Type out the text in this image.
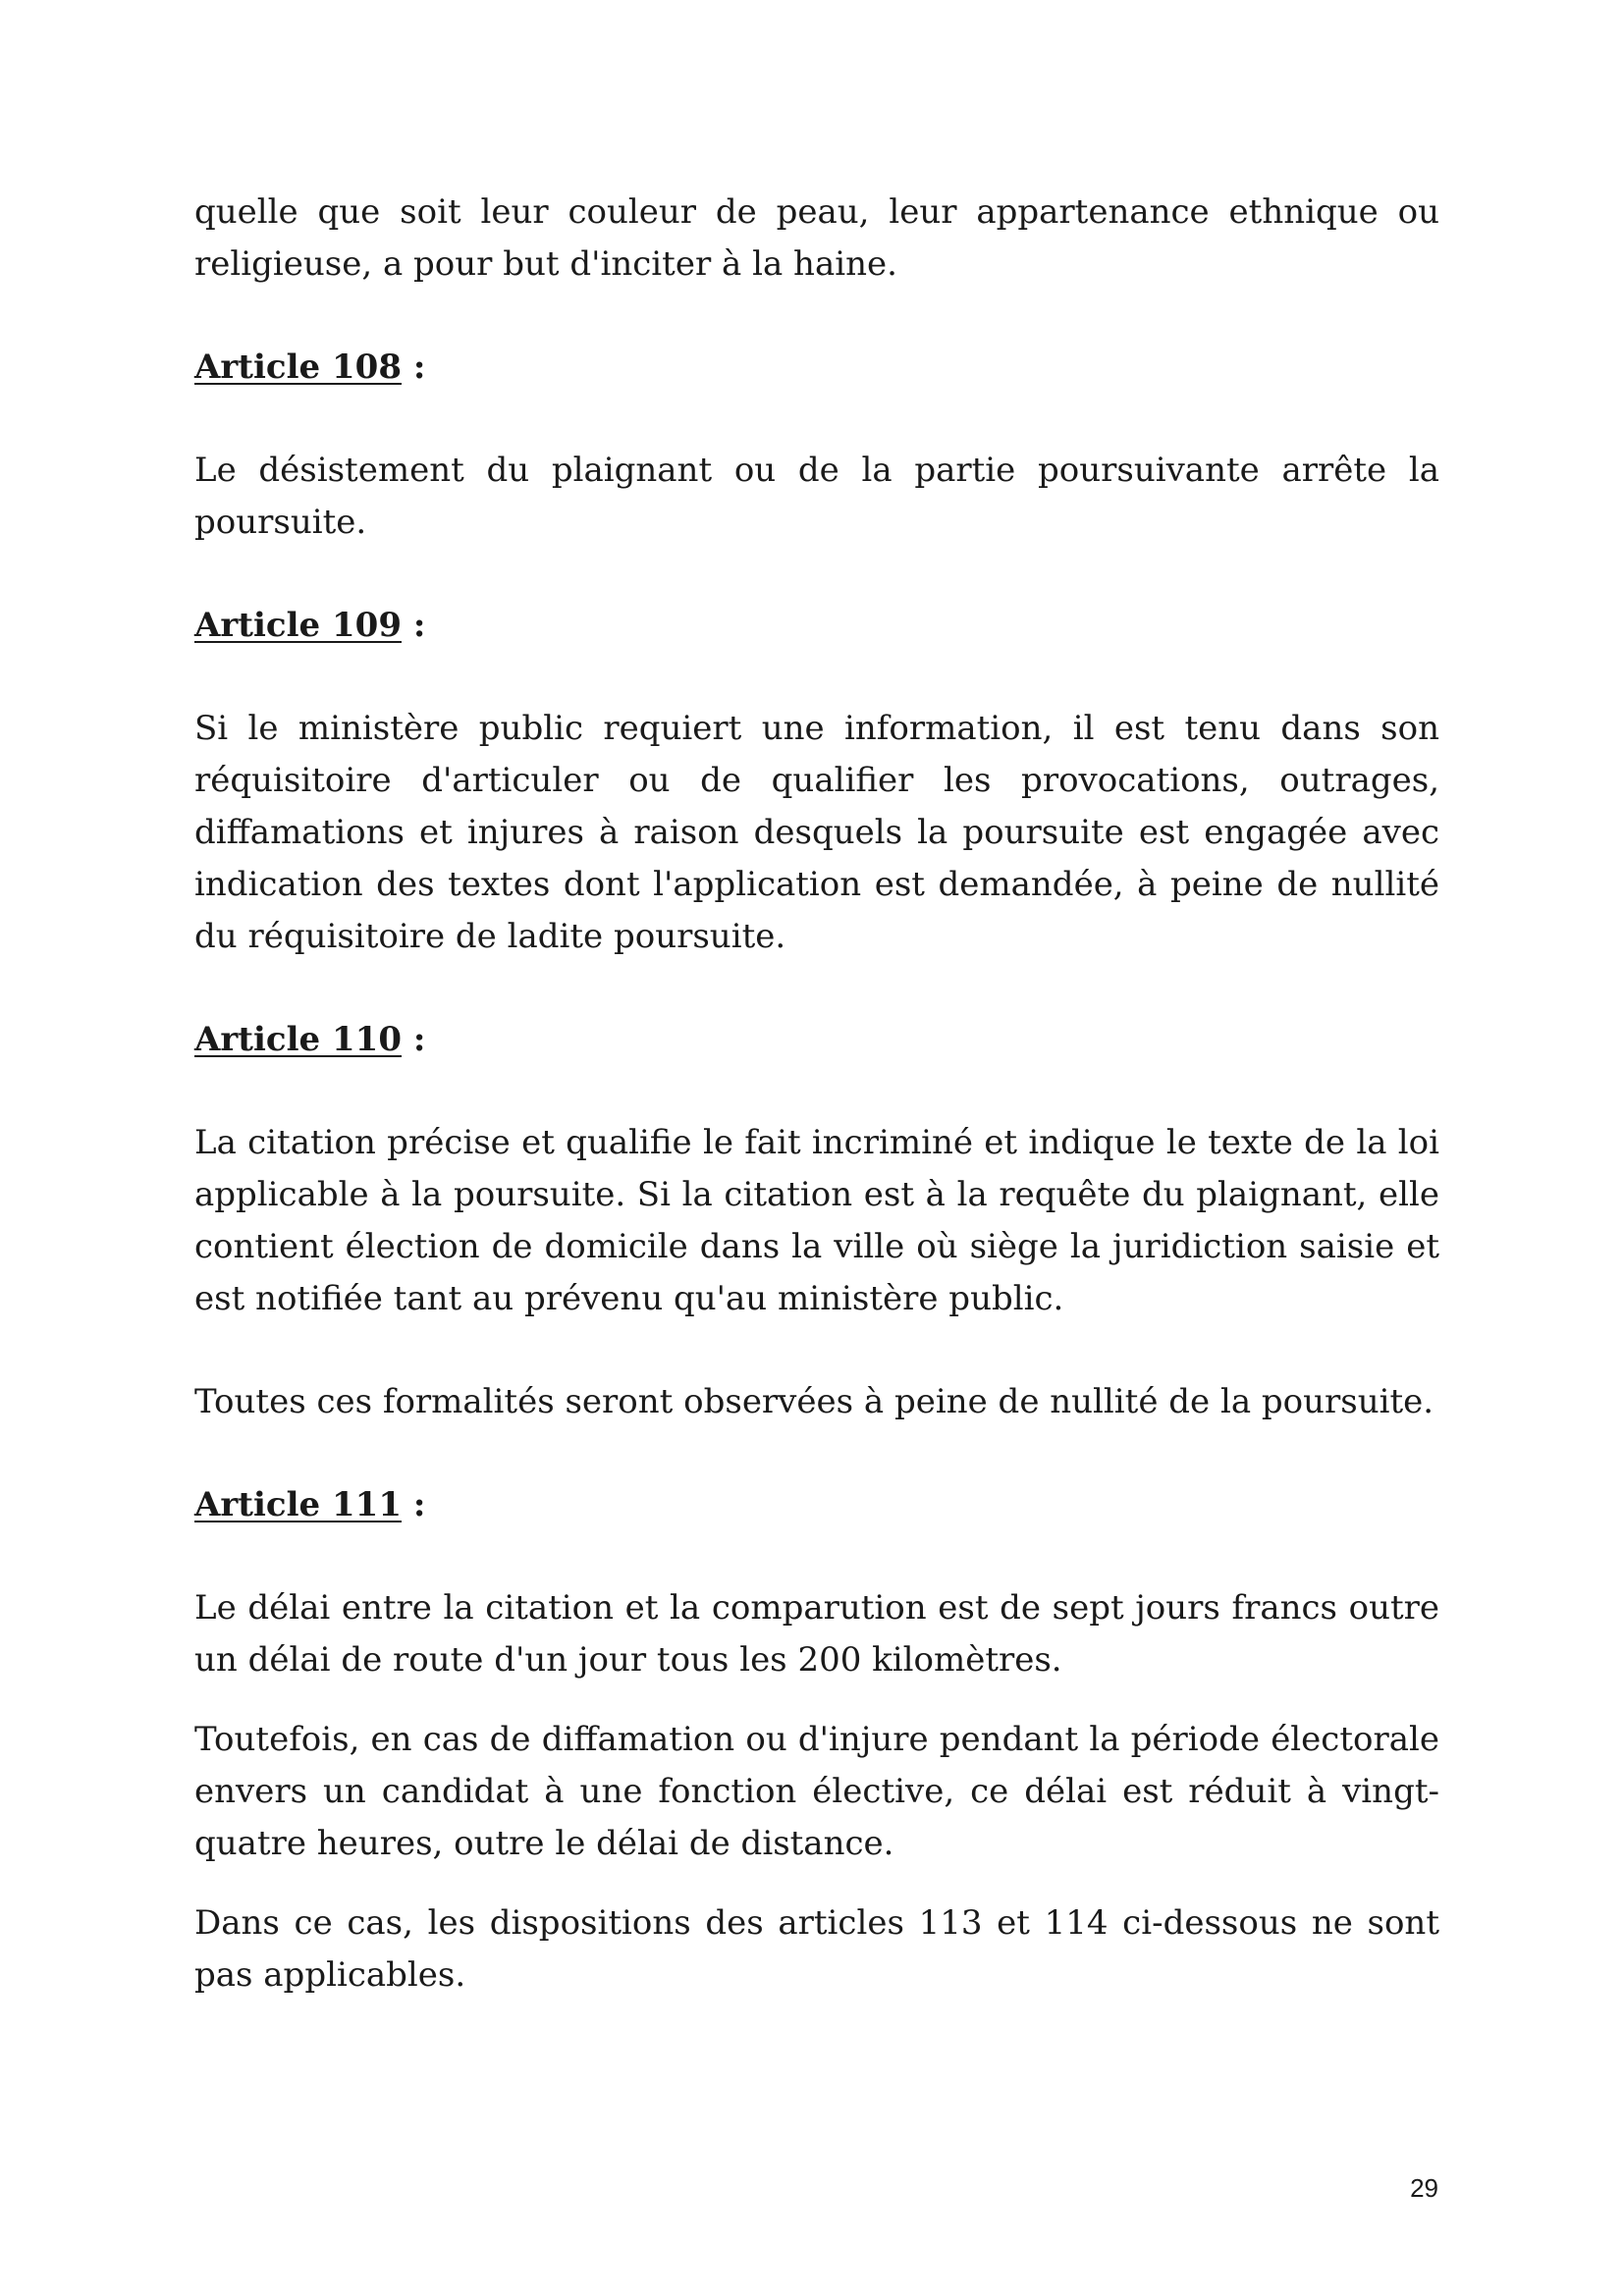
quelle que soit leur couleur de peau, leur appartenance ethnique ou religieuse, a pour but d'inciter à la haine.

Article 108 :

Le désistement du plaignant ou de la partie poursuivante arrête la poursuite.

Article 109 :

Si le ministère public requiert une information, il est tenu dans son réquisitoire d'articuler ou de qualifier les provocations, outrages, diffamations et injures à raison desquels la poursuite est engagée avec indication des textes dont l'application est demandée, à peine de nullité du réquisitoire de ladite poursuite.

Article 110 :

La citation précise et qualifie le fait incriminé et indique le texte de la loi applicable à la poursuite. Si la citation est à la requête du plaignant, elle contient élection de domicile dans la ville où siège la juridiction saisie et est notifiée tant au prévenu qu'au ministère public.

Toutes ces formalités seront observées à peine de nullité de la poursuite.

Article 111 :

Le délai entre la citation et la comparution est de sept jours francs outre un délai de route d'un jour tous les 200 kilomètres.

Toutefois, en cas de diffamation ou d'injure pendant la période électorale envers un candidat à une fonction élective, ce délai est réduit à vingt-quatre heures, outre le délai de distance.

Dans ce cas, les dispositions des articles 113 et 114 ci-dessous ne sont pas applicables.

29
